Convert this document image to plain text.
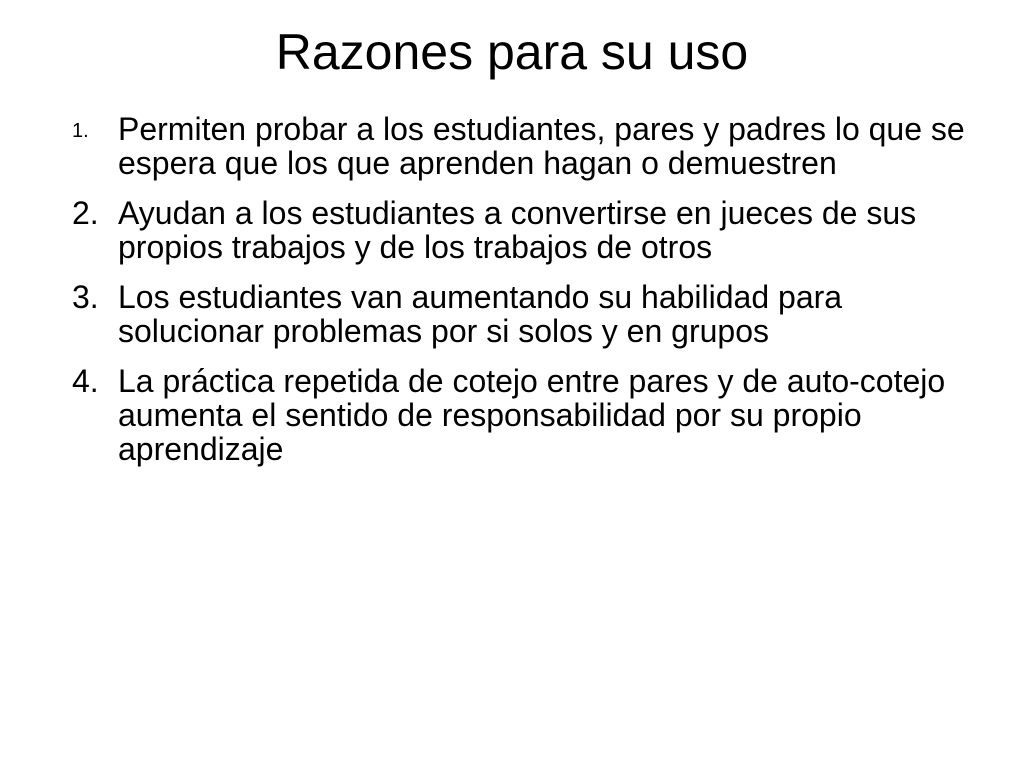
Razones para su uso
1. Permiten probar a los estudiantes, pares y padres lo que se espera que los que aprenden hagan o demuestren
2. Ayudan a los estudiantes a convertirse en jueces de sus propios trabajos y de los trabajos de otros
3. Los estudiantes van aumentando su habilidad para solucionar problemas por si solos y en grupos
4. La práctica repetida de cotejo entre pares y de auto-cotejo aumenta el sentido de responsabilidad por su propio aprendizaje
